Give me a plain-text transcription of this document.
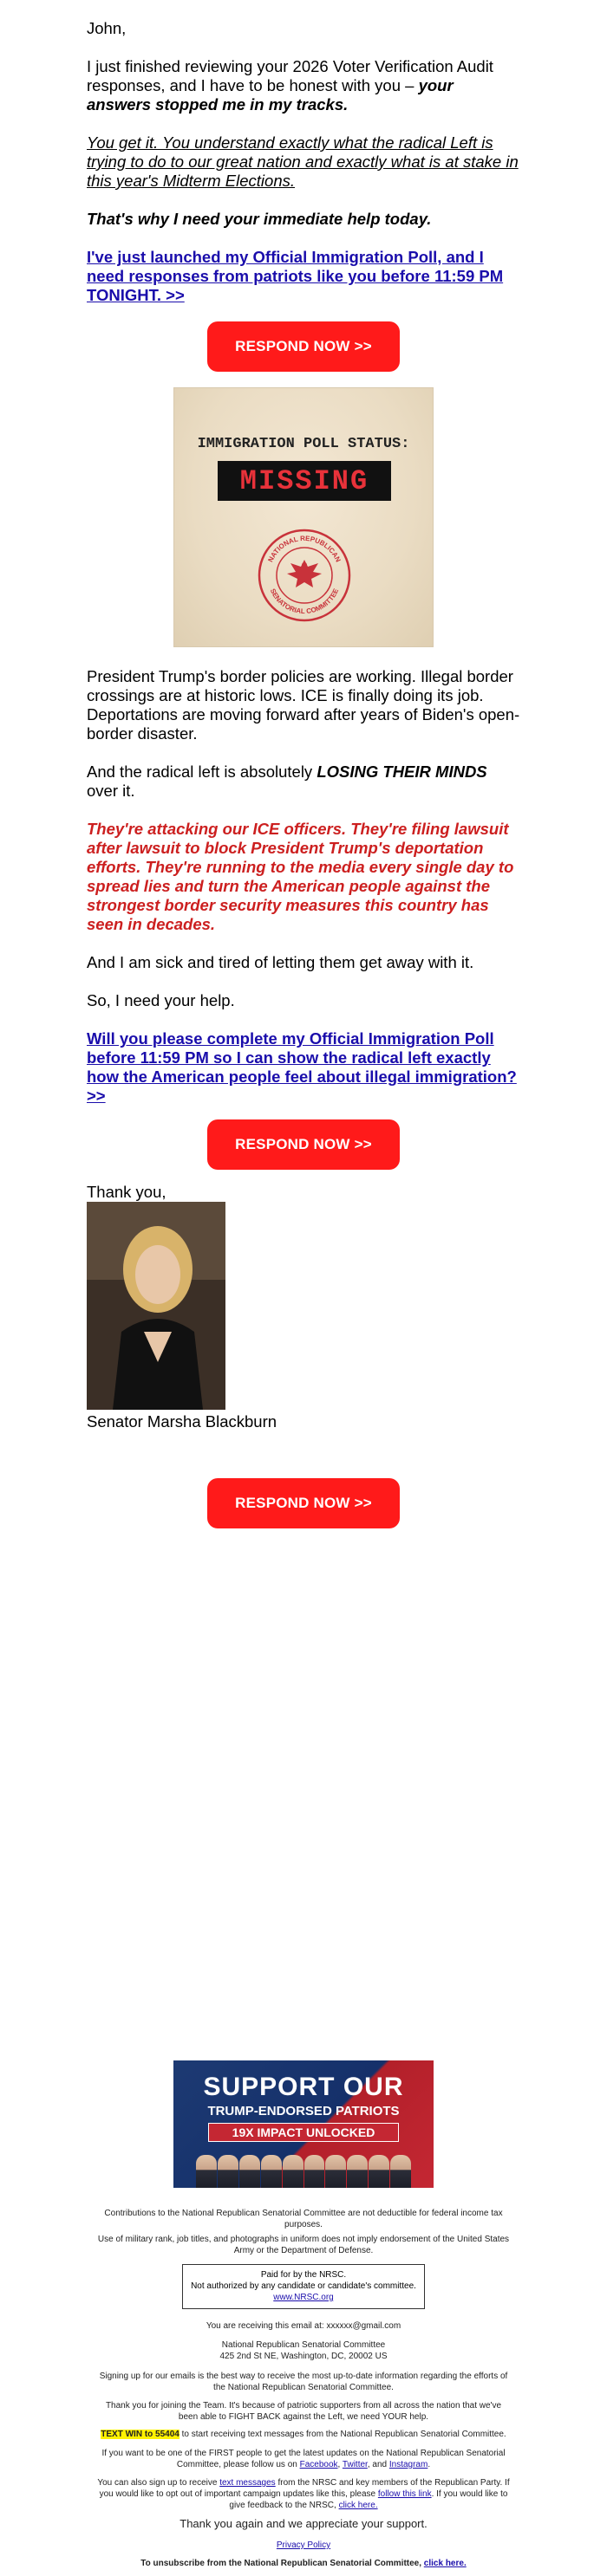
John,
I just finished reviewing your 2026 Voter Verification Audit responses, and I have to be honest with you – your answers stopped me in my tracks.
You get it. You understand exactly what the radical Left is trying to do to our great nation and exactly what is at stake in this year's Midterm Elections.
That's why I need your immediate help today.
I've just launched my Official Immigration Poll, and I need responses from patriots like you before 11:59 PM TONIGHT. >>
RESPOND NOW >>
IMMIGRATION POLL STATUS:
MISSING
NATIONAL REPUBLICAN
SENATORIAL COMMITTEE
President Trump's border policies are working. Illegal border crossings are at historic lows. ICE is finally doing its job. Deportations are moving forward after years of Biden's open-border disaster.
And the radical left is absolutely LOSING THEIR MINDS over it.
They're attacking our ICE officers. They're filing lawsuit after lawsuit to block President Trump's deportation efforts. They're running to the media every single day to spread lies and turn the American people against the strongest border security measures this country has seen in decades.
And I am sick and tired of letting them get away with it.
So, I need your help.
Will you please complete my Official Immigration Poll before 11:59 PM so I can show the radical left exactly how the American people feel about illegal immigration? >>
RESPOND NOW >>
Thank you,
Senator Marsha Blackburn
RESPOND NOW >>
SUPPORT OUR
TRUMP-ENDORSED PATRIOTS
19X IMPACT UNLOCKED
Contributions to the National Republican Senatorial Committee are not deductible for federal income tax purposes.
Use of military rank, job titles, and photographs in uniform does not imply endorsement of the United States Army or the Department of Defense.
Paid for by the NRSC.
Not authorized by any candidate or candidate's committee.
www.NRSC.org
You are receiving this email at: xxxxxx@gmail.com
National Republican Senatorial Committee
425 2nd St NE, Washington, DC, 20002 US
Signing up for our emails is the best way to receive the most up-to-date information regarding the efforts of the National Republican Senatorial Committee.
Thank you for joining the Team. It's because of patriotic supporters from all across the nation that we've been able to FIGHT BACK against the Left, we need YOUR help.
TEXT WIN to 55404 to start receiving text messages from the National Republican Senatorial Committee.
If you want to be one of the FIRST people to get the latest updates on the National Republican Senatorial Committee, please follow us on Facebook, Twitter, and Instagram.
You can also sign up to receive text messages from the NRSC and key members of the Republican Party. If you would like to opt out of important campaign updates like this, please follow this link. If you would like to give feedback to the NRSC, click here.
Thank you again and we appreciate your support.
Privacy Policy
To unsubscribe from the National Republican Senatorial Committee, click here.
